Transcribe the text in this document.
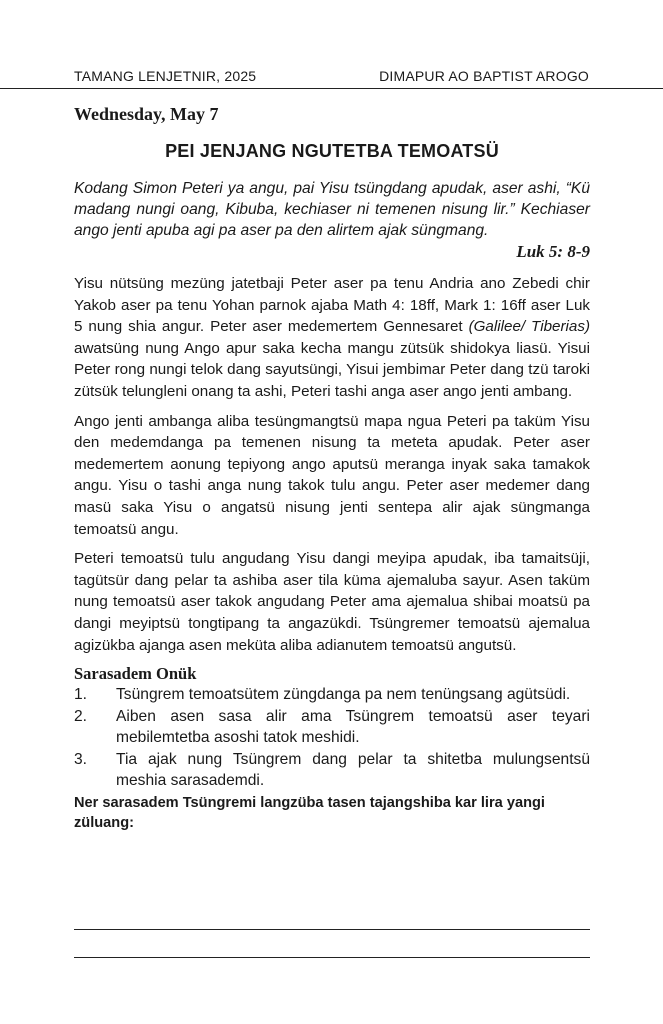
TAMANG LENJETNIR, 2025	DIMAPUR AO BAPTIST AROGO

Wednesday, May 7

PEI JENJANG NGUTETBA TEMOATSÜ

Kodang Simon Peteri ya angu, pai Yisu tsüngdang apudak, aser ashi, “Kü madang nungi oang, Kibuba, kechiaser ni temenen nisung lir.” Kechiaser ango jenti apuba agi pa aser pa den alirtem ajak süngmang.

Luk 5: 8-9

Yisu nütsüng mezüng jatetbaji Peter aser pa tenu Andria ano Zebedi chir Yakob aser pa tenu Yohan parnok ajaba Math 4: 18ff, Mark 1: 16ff aser Luk 5 nung shia angur. Peter aser medemertem Gennesaret (Galilee/ Tiberias) awatsüng nung Ango apur saka kecha mangu zütsük shidokya liasü. Yisui Peter rong nungi telok dang sayutsüngi, Yisui jembimar Peter dang tzü taroki zütsük telungleni onang ta ashi, Peteri tashi anga aser ango jenti ambang.

Ango jenti ambanga aliba tesüngmangtsü mapa ngua Peteri pa taküm Yisu den medemdanga pa temenen nisung ta meteta apudak. Peter aser medemertem aonung tepiyong ango aputsü meranga inyak saka tamakok angu. Yisu o tashi anga nung takok tulu angu. Peter aser medemer dang masü saka Yisu o angatsü nisung jenti sentepa alir ajak süngmanga temoatsü angu.

Peteri temoatsü tulu angudang Yisu dangi meyipa apudak, iba tamaitsüji, tagütsür dang pelar ta ashiba aser tila küma ajemaluba sayur. Asen taküm nung temoatsü aser takok angudang Peter ama ajemalua shibai moatsü pa dangi meyiptsü tongtipang ta angazükdi. Tsüngremer temoatsü ajemalua agizükba ajanga asen meküta aliba adianutem temoatsü angutsü.

Sarasadem Onük

1. Tsüngrem temoatsütem züngdanga pa nem tenüngsang agütsüdi.
2. Aiben asen sasa alir ama Tsüngrem temoatsü aser teyari mebilemtetba asoshi tatok meshidi.
3. Tia ajak nung Tsüngrem dang pelar ta shitetba mulungsentsü meshia sarasademdi.

Ner sarasadem Tsüngremi langzüba tasen tajangshiba kar lira yangi züluang:
